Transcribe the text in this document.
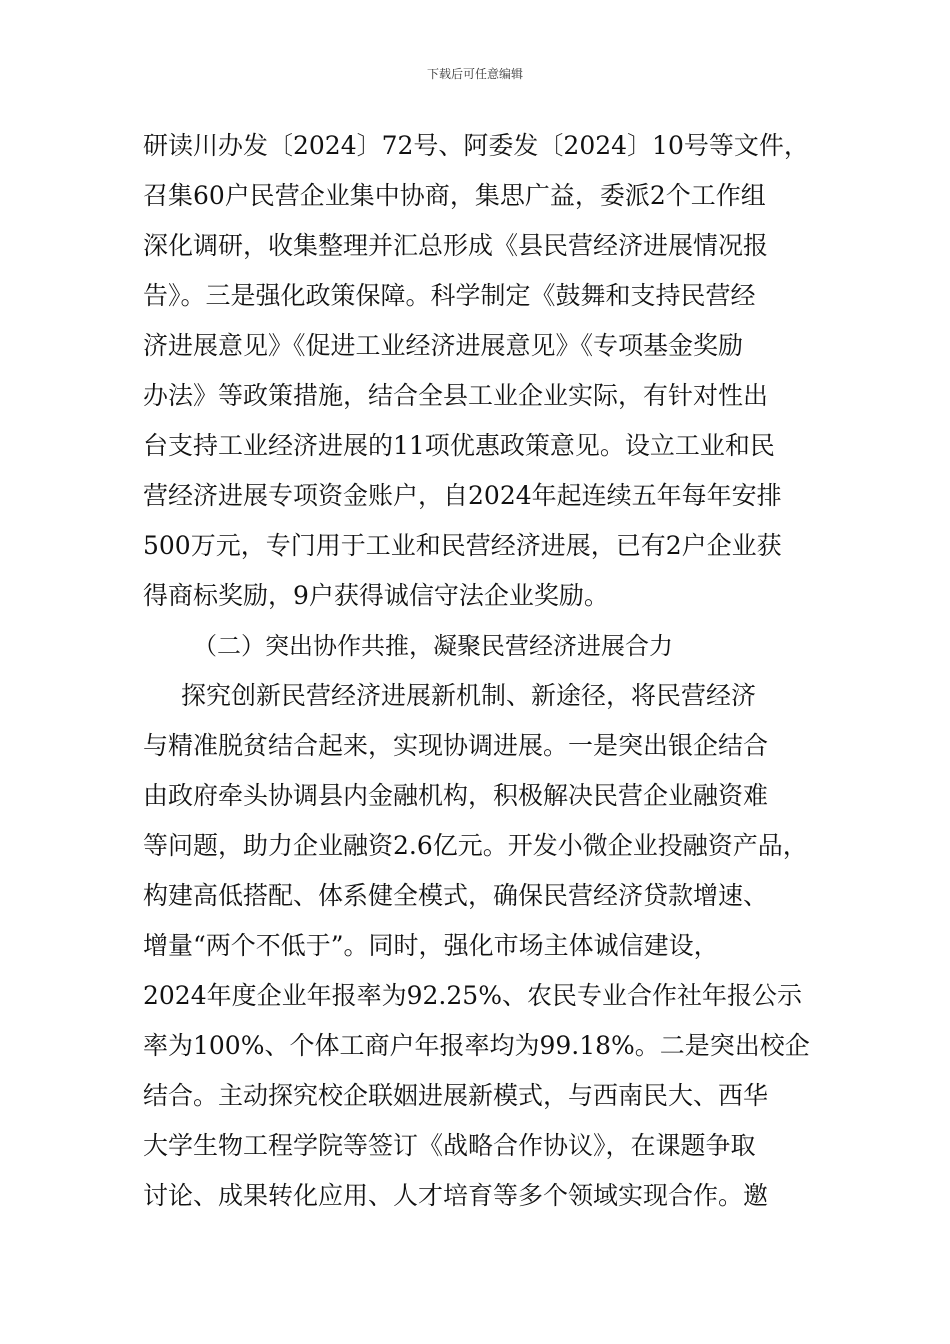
下载后可任意编辑
研读川办发〔2024〕72号、阿委发〔2024〕10号等文件，
召集60户民营企业集中协商，集思广益，委派2个工作组
深化调研，收集整理并汇总形成《县民营经济进展情况报
告》。三是强化政策保障。科学制定《鼓舞和支持民营经
济进展意见》《促进工业经济进展意见》《专项基金奖励
办法》等政策措施，结合全县工业企业实际，有针对性出
台支持工业经济进展的11项优惠政策意见。设立工业和民
营经济进展专项资金账户，自2024年起连续五年每年安排
500万元，专门用于工业和民营经济进展，已有2户企业获
得商标奖励，9户获得诚信守法企业奖励。
（二）突出协作共推，凝聚民营经济进展合力
探究创新民营经济进展新机制、新途径，将民营经济
与精准脱贫结合起来，实现协调进展。一是突出银企结合
由政府牵头协调县内金融机构，积极解决民营企业融资难
等问题，助力企业融资2.6亿元。开发小微企业投融资产品，
构建高低搭配、体系健全模式，确保民营经济贷款增速、
增量“两个不低于”。同时，强化市场主体诚信建设，
2024年度企业年报率为92.25%、农民专业合作社年报公示
率为100%、个体工商户年报率均为99.18%。二是突出校企
结合。主动探究校企联姻进展新模式，与西南民大、西华
大学生物工程学院等签订《战略合作协议》，在课题争取
讨论、成果转化应用、人才培育等多个领域实现合作。邀
